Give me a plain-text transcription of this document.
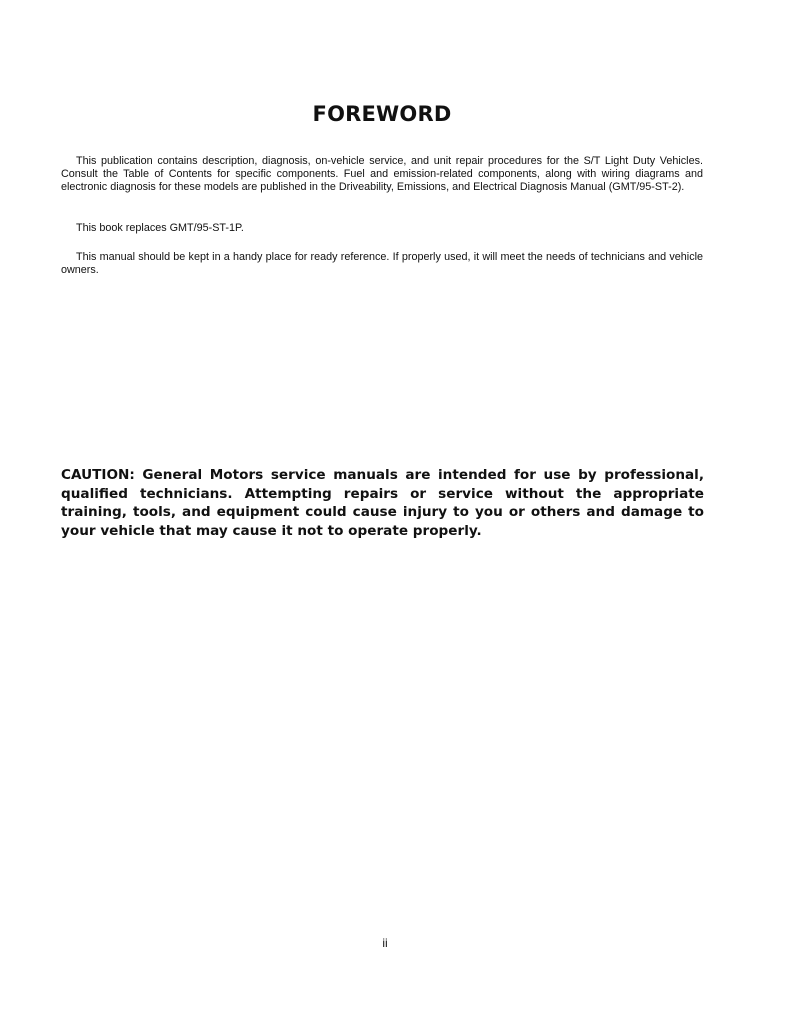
FOREWORD

This publication contains description, diagnosis, on-vehicle service, and unit repair procedures for the S/T Light Duty Vehicles. Consult the Table of Contents for specific components. Fuel and emission-related components, along with wiring diagrams and electronic diagnosis for these models are published in the Driveability, Emissions, and Electrical Diagnosis Manual (GMT/95-ST-2).

This book replaces GMT/95-ST-1P.

This manual should be kept in a handy place for ready reference. If properly used, it will meet the needs of technicians and vehicle owners.

CAUTION: General Motors service manuals are intended for use by professional, qualified technicians. Attempting repairs or service without the appropriate training, tools, and equipment could cause injury to you or others and damage to your vehicle that may cause it not to operate properly.

ii
